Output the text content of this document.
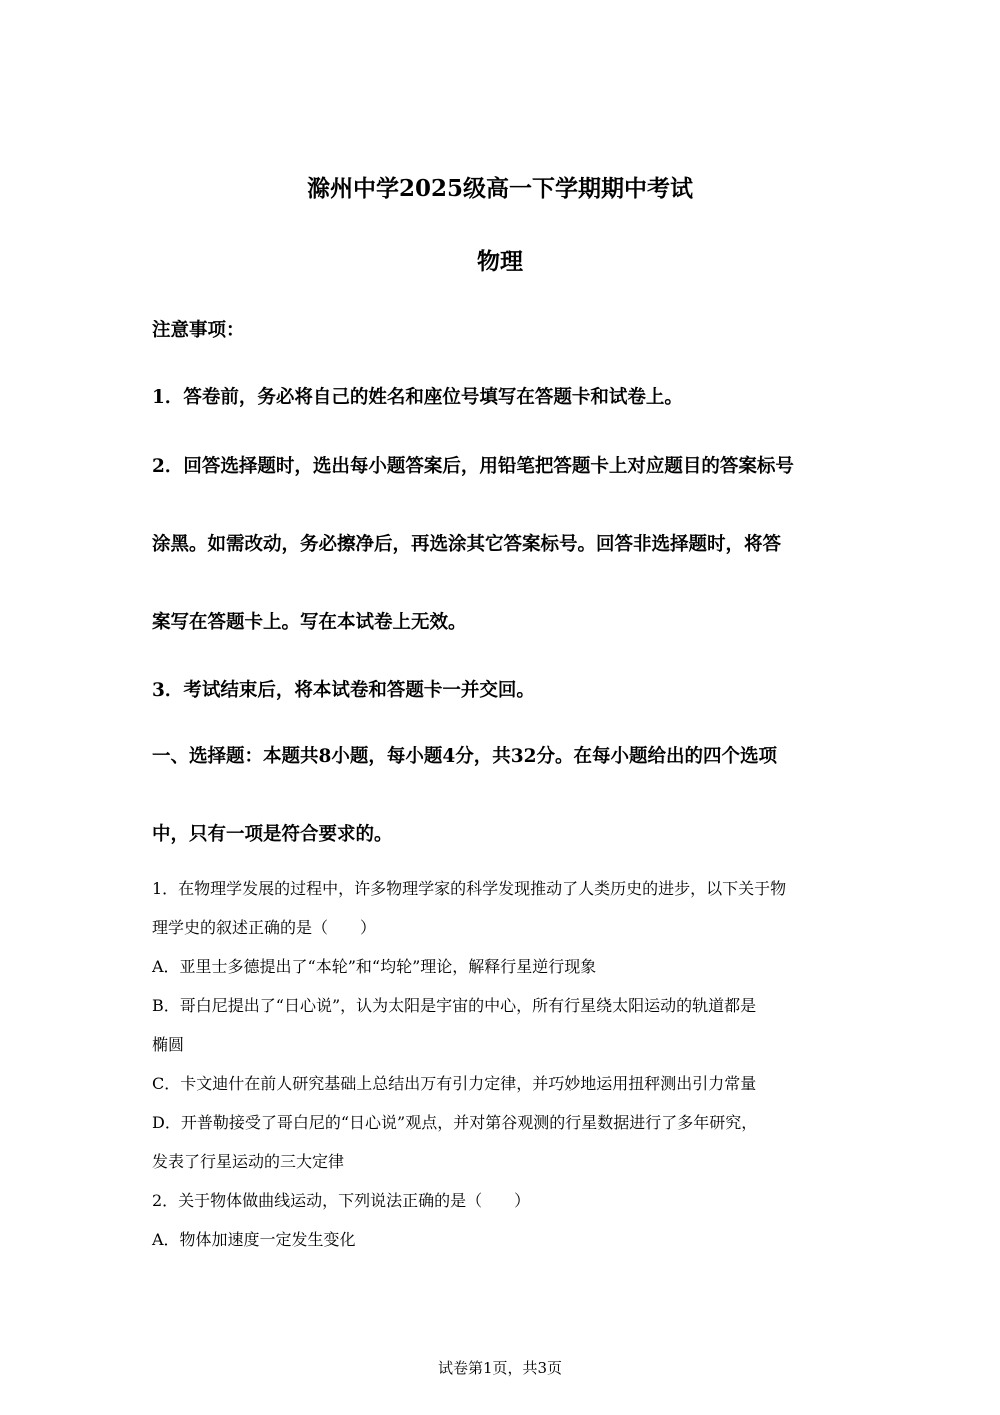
滁州中学2025级高一下学期期中考试
物理
注意事项：
1．答卷前，务必将自己的姓名和座位号填写在答题卡和试卷上。
2．回答选择题时，选出每小题答案后，用铅笔把答题卡上对应题目的答案标号
涂黑。如需改动，务必擦净后，再选涂其它答案标号。回答非选择题时，将答
案写在答题卡上。写在本试卷上无效。
3．考试结束后，将本试卷和答题卡一并交回。
一、选择题：本题共8小题，每小题4分，共32分。在每小题给出的四个选项
中，只有一项是符合要求的。
1．在物理学发展的过程中，许多物理学家的科学发现推动了人类历史的进步，以下关于物
理学史的叙述正确的是（　　）
A．亚里士多德提出了“本轮”和“均轮”理论，解释行星逆行现象
B．哥白尼提出了“日心说”，认为太阳是宇宙的中心，所有行星绕太阳运动的轨道都是
椭圆
C．卡文迪什在前人研究基础上总结出万有引力定律，并巧妙地运用扭秤测出引力常量
D．开普勒接受了哥白尼的“日心说”观点，并对第谷观测的行星数据进行了多年研究，
发表了行星运动的三大定律
2．关于物体做曲线运动，下列说法正确的是（　　）
A．物体加速度一定发生变化
试卷第1页，共3页
